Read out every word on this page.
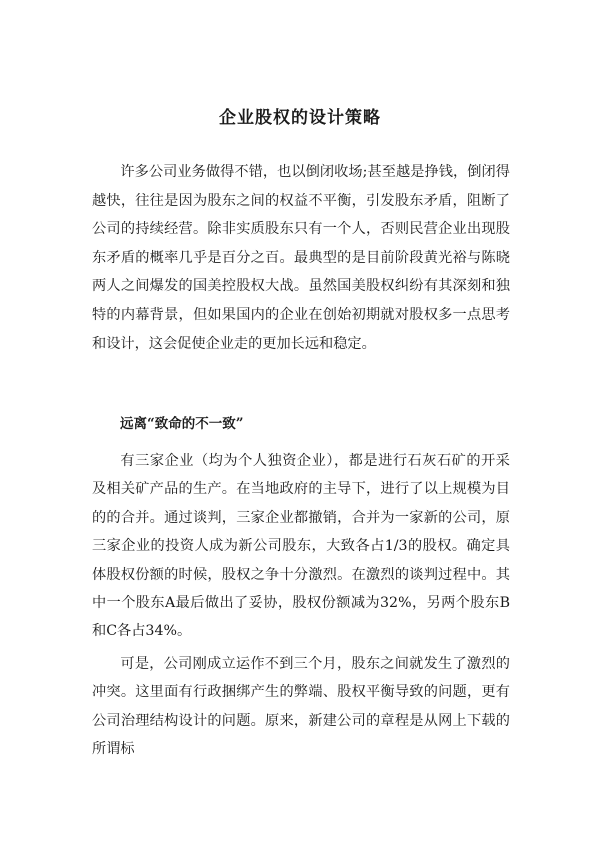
企业股权的设计策略

许多公司业务做得不错，也以倒闭收场;甚至越是挣钱，倒闭得越快，往往是因为股东之间的权益不平衡，引发股东矛盾，阻断了公司的持续经营。除非实质股东只有一个人，否则民营企业出现股东矛盾的概率几乎是百分之百。最典型的是目前阶段黄光裕与陈晓两人之间爆发的国美控股权大战。虽然国美股权纠纷有其深刻和独特的内幕背景，但如果国内的企业在创始初期就对股权多一点思考和设计，这会促使企业走的更加长远和稳定。

远离“致命的不一致”

有三家企业（均为个人独资企业），都是进行石灰石矿的开采及相关矿产品的生产。在当地政府的主导下，进行了以上规模为目的的合并。通过谈判，三家企业都撤销，合并为一家新的公司，原三家企业的投资人成为新公司股东，大致各占1/3的股权。确定具体股权份额的时候，股权之争十分激烈。在激烈的谈判过程中。其中一个股东A最后做出了妥协，股权份额减为32%，另两个股东B和C各占34%。

可是，公司刚成立运作不到三个月，股东之间就发生了激烈的冲突。这里面有行政捆绑产生的弊端、股权平衡导致的问题，更有公司治理结构设计的问题。原来，新建公司的章程是从网上下载的所谓标
